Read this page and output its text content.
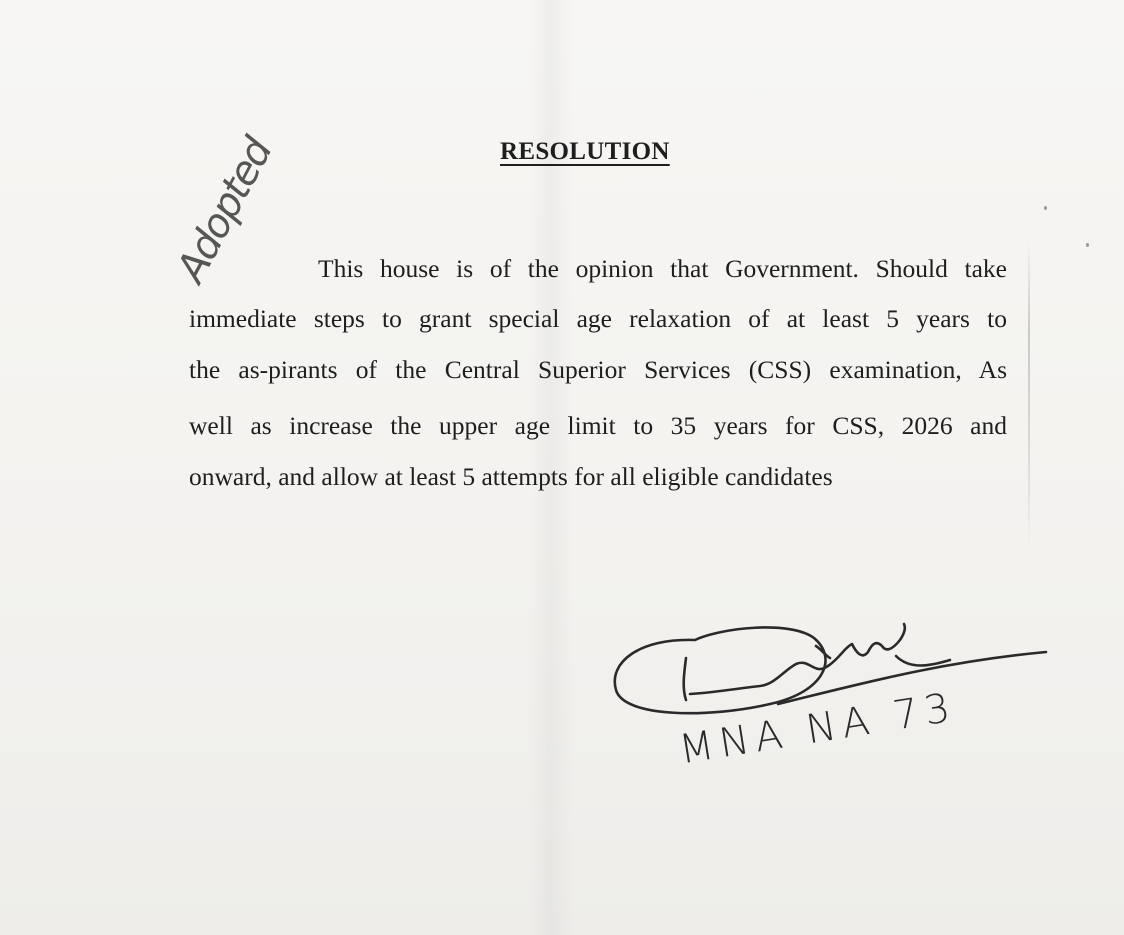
RESOLUTION
This house is of the opinion that Government. Should take
immediate steps to grant special age relaxation of at least 5 years to
the as-pirants of the Central Superior Services (CSS) examination, As
well as increase the upper age limit to 35 years for CSS, 2026 and
onward, and allow at least 5 attempts for all eligible candidates
Adopted
MNA NA 73
